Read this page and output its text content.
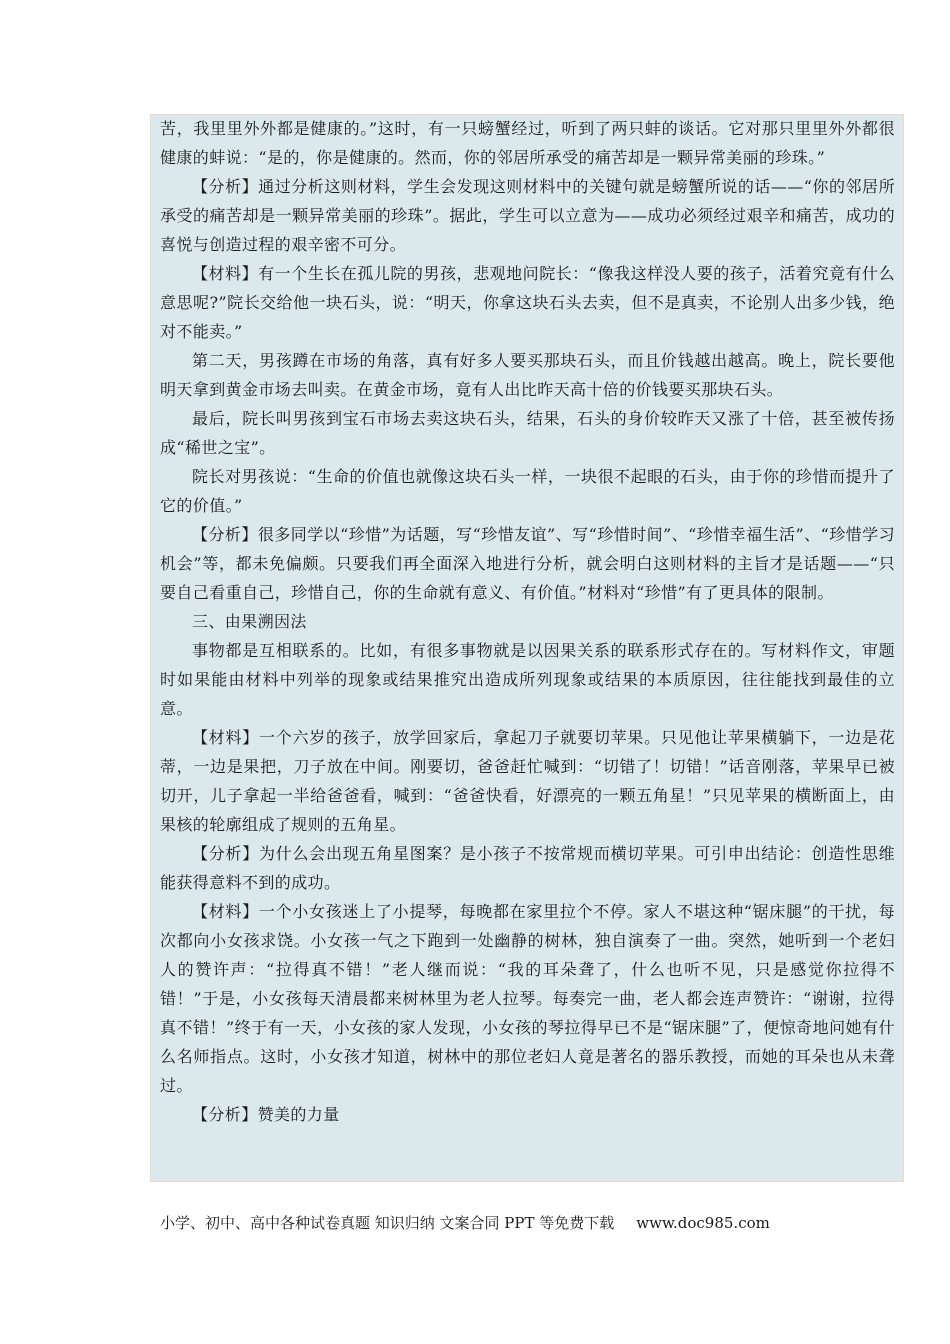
苦，我里里外外都是健康的。”这时，有一只螃蟹经过，听到了两只蚌的谈话。它对那只里里外外都很健康的蚌说：“是的，你是健康的。然而，你的邻居所承受的痛苦却是一颗异常美丽的珍珠。”

【分析】通过分析这则材料，学生会发现这则材料中的关键句就是螃蟹所说的话——“你的邻居所承受的痛苦却是一颗异常美丽的珍珠”。据此，学生可以立意为——成功必须经过艰辛和痛苦，成功的喜悦与创造过程的艰辛密不可分。

【材料】有一个生长在孤儿院的男孩，悲观地问院长：“像我这样没人要的孩子，活着究竟有什么意思呢?”院长交给他一块石头，说：“明天，你拿这块石头去卖，但不是真卖，不论别人出多少钱，绝对不能卖。”

第二天，男孩蹲在市场的角落，真有好多人要买那块石头，而且价钱越出越高。晚上，院长要他明天拿到黄金市场去叫卖。在黄金市场，竟有人出比昨天高十倍的价钱要买那块石头。

最后，院长叫男孩到宝石市场去卖这块石头，结果，石头的身价较昨天又涨了十倍，甚至被传扬成“稀世之宝”。

院长对男孩说：“生命的价值也就像这块石头一样，一块很不起眼的石头，由于你的珍惜而提升了它的价值。”

【分析】很多同学以“珍惜”为话题，写“珍惜友谊”、写“珍惜时间”、“珍惜幸福生活”、“珍惜学习机会”等，都未免偏颇。只要我们再全面深入地进行分析，就会明白这则材料的主旨才是话题——“只要自己看重自己，珍惜自己，你的生命就有意义、有价值。”材料对“珍惜”有了更具体的限制。

三、由果溯因法

事物都是互相联系的。比如，有很多事物就是以因果关系的联系形式存在的。写材料作文，审题时如果能由材料中列举的现象或结果推究出造成所列现象或结果的本质原因，往往能找到最佳的立意。

【材料】一个六岁的孩子，放学回家后，拿起刀子就要切苹果。只见他让苹果横躺下，一边是花蒂，一边是果把，刀子放在中间。刚要切，爸爸赶忙喊到：“切错了！切错！”话音刚落，苹果早已被切开，儿子拿起一半给爸爸看，喊到：“爸爸快看，好漂亮的一颗五角星！”只见苹果的横断面上，由果核的轮廓组成了规则的五角星。

【分析】为什么会出现五角星图案？是小孩子不按常规而横切苹果。可引申出结论：创造性思维能获得意料不到的成功。

【材料】一个小女孩迷上了小提琴，每晚都在家里拉个不停。家人不堪这种“锯床腿”的干扰，每次都向小女孩求饶。小女孩一气之下跑到一处幽静的树林，独自演奏了一曲。突然，她听到一个老妇人的赞许声：“拉得真不错！”老人继而说：“我的耳朵聋了，什么也听不见，只是感觉你拉得不错！”于是，小女孩每天清晨都来树林里为老人拉琴。每奏完一曲，老人都会连声赞许：“谢谢，拉得真不错！”终于有一天，小女孩的家人发现，小女孩的琴拉得早已不是“锯床腿”了，便惊奇地问她有什么名师指点。这时，小女孩才知道，树林中的那位老妇人竟是著名的器乐教授，而她的耳朵也从未聋过。

【分析】赞美的力量

小学、初中、高中各种试卷真题 知识归纳 文案合同 PPT 等免费下载 www.doc985.com
